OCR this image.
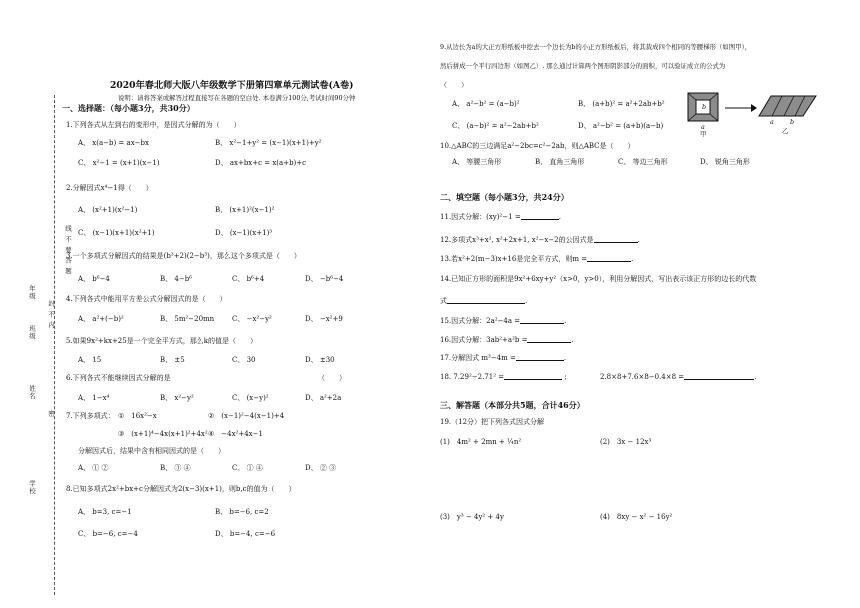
线 不 要 答 题
封 不 内
密
年级
班级
姓名
学校
2020年春北师大版八年级数学下册第四章单元测试卷(A卷)
说明：请将答案或解答过程直接写在各题的空白处. 本卷满分100分,考试时间90分钟
一、选择题：（每小题3分，共30分）
1.下列各式从左到右的变形中，是因式分解的为（　　）
A、 x(a−b) = ax−bx	B、 x²−1+y² = (x−1)(x+1)+y²
C、 x²−1 = (x+1)(x−1)	D、 ax+bx+c = x(a+b)+c
2.分解因式x⁴−1得（　　）
A、 (x²+1)(x²−1)	B、 (x+1)²(x−1)²
C、 (x−1)(x+1)(x²+1)	D、 (x−1)(x+1)³
3.一个多项式分解因式的结果是(b³+2)(2−b³)，那么这个多项式是（　　）
A、 b⁶−4	B、 4−b⁶	C、 b⁶+4	D、 −b⁶−4
4.下列各式中能用平方差公式分解因式的是（　　）
A、 a²+(−b)²	B、 5m²−20mn	C、 −x²−y²	D、 −x²+9
5.如果9x²+kx+25是一个完全平方式，那么k的值是（　　）
A、 15	B、 ±5	C、 30	D、 ±30
6.下列各式不能继续因式分解的是	（　　）
A、 1−x⁴	B、 x²−y²	C、 (x−y)²	D、 a²+2a
7.下列多项式： ①　16x²−x	②　(x−1)²−4(x−1)+4
③　(x+1)⁴−4x(x+1)²+4x² ④　−4x²+4x−1
分解因式后，结果中含有相同因式的是（　　）
A、 ① ②	B、 ③ ④	C、 ① ④	D、 ② ③
8.已知多项式2x²+bx+c分解因式为2(x−3)(x+1)，则b,c的值为（　　）
A、 b=3, c=−1	B、 b=−6, c=2
C、 b=−6, c=−4	D、 b=−4, c=−6
9.从边长为a的大正方形纸板中挖去一个边长为b的小正方形纸板后，将其裁成四个相同的等腰梯形（如图甲），
然后拼成一个平行四边形（如图乙）. 那么通过计算两个图形阴影部分的面积，可以验证成立的公式为
（　　）
A、 a²−b² = (a−b)²	B、 (a+b)² = a²+2ab+b²
C、 (a−b)² = a²−2ab+b²	D、 a²−b² = (a+b)(a−b)
b
a
甲
a	b
乙
10.△ABC的三边满足a²−2bc=c²−2ab，则△ABC是（　　）
A、 等腰三角形	B、 直角三角形	C、 等边三角形	D、 锐角三角形
二、填空题（每小题3分，共24分）
11.因式分解：(xy)²−1 =	.
12.多项式x³+x², x²+2x+1, x²−x−2的公因式是	.
13.若x²+2(m−3)x+16是完全平方式，则m =	.
14.已知正方形的面积是9x²+6xy+y²（x>0，y>0），利用分解因式，写出表示该正方形的边长的代数
式	.
15.因式分解：2a²−4a =	.
16.因式分解：3ab²+a²b =	.
17.分解因式 m³−4m =	.
18. 7.29²−2.71² =	;	2.8×8+7.6×8−0.4×8 =	.
三、解答题（本部分共5题，合计46分）
19.（12分）把下列各式因式分解
(1)　4m² + 2mn + ¼n²	(2)　3x − 12x³
(3)　y³ − 4y² + 4y	(4)　8xy − x² − 16y²
